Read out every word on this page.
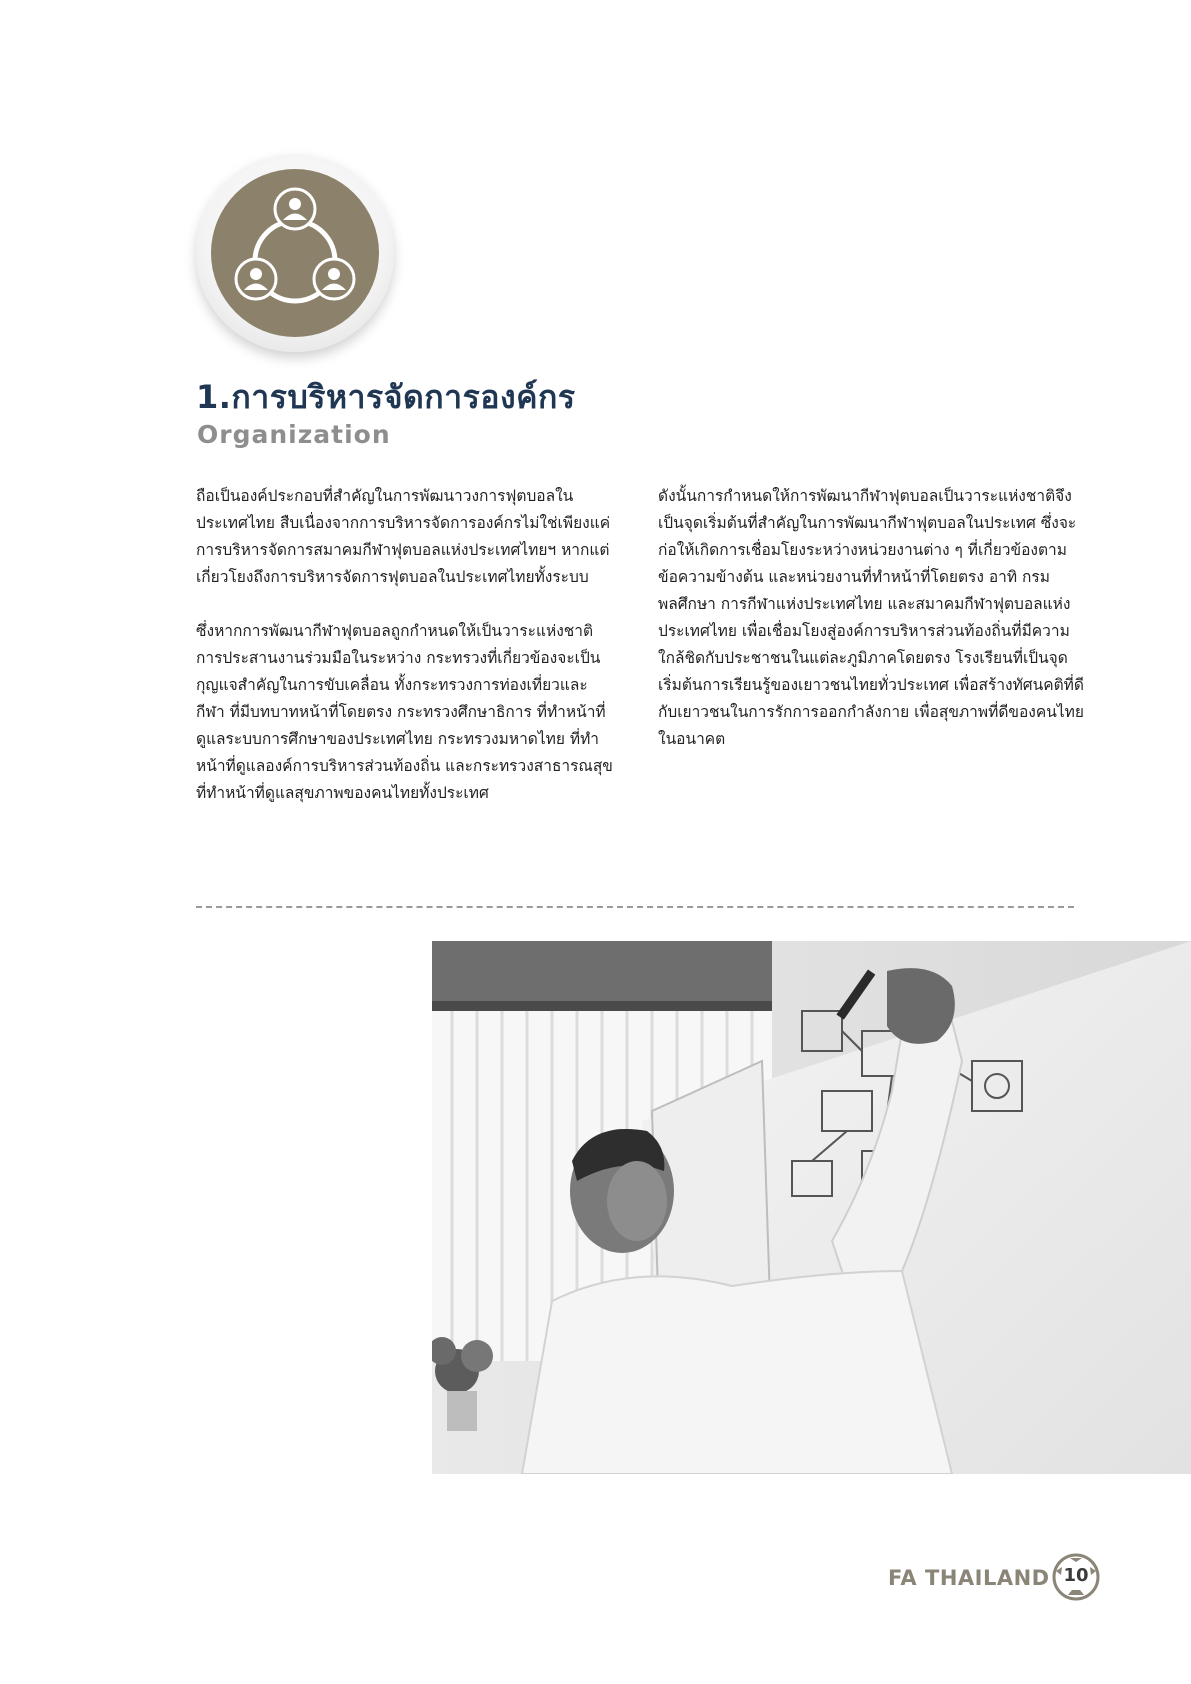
1.การบริหารจัดการองค์กร
Organization

ถือเป็นองค์ประกอบที่สำคัญในการพัฒนาวงการฟุตบอลในประเทศไทย สืบเนื่องจากการบริหารจัดการองค์กรไม่ใช่เพียงแค่การบริหารจัดการสมาคมกีฬาฟุตบอลแห่งประเทศไทยฯ หากแต่เกี่ยวโยงถึงการบริหารจัดการฟุตบอลในประเทศไทยทั้งระบบ

ซึ่งหากการพัฒนากีฬาฟุตบอลถูกกำหนดให้เป็นวาระแห่งชาติ การประสานงานร่วมมือในระหว่าง กระทรวงที่เกี่ยวข้องจะเป็นกุญแจสำคัญในการขับเคลื่อน ทั้งกระทรวงการท่องเที่ยวและกีฬา ที่มีบทบาทหน้าที่โดยตรง กระทรวงศึกษาธิการ ที่ทำหน้าที่ดูแลระบบการศึกษาของประเทศไทย กระทรวงมหาดไทย ที่ทำหน้าที่ดูแลองค์การบริหารส่วนท้องถิ่น และกระทรวงสาธารณสุข ที่ทำหน้าที่ดูแลสุขภาพของคนไทยทั้งประเทศ

ดังนั้นการกำหนดให้การพัฒนากีฬาฟุตบอลเป็นวาระแห่งชาติจึงเป็นจุดเริ่มต้นที่สำคัญในการพัฒนากีฬาฟุตบอลในประเทศ ซึ่งจะก่อให้เกิดการเชื่อมโยงระหว่างหน่วยงานต่าง ๆ ที่เกี่ยวข้องตามข้อความข้างต้น และหน่วยงานที่ทำหน้าที่โดยตรง อาทิ กรมพลศึกษา การกีฬาแห่งประเทศไทย และสมาคมกีฬาฟุตบอลแห่งประเทศไทย เพื่อเชื่อมโยงสู่องค์การบริหารส่วนท้องถิ่นที่มีความใกล้ชิดกับประชาชนในแต่ละภูมิภาคโดยตรง โรงเรียนที่เป็นจุดเริ่มต้นการเรียนรู้ของเยาวชนไทยทั่วประเทศ เพื่อสร้างทัศนคติที่ดีกับเยาวชนในการรักการออกกำลังกาย เพื่อสุขภาพที่ดีของคนไทยในอนาคต

FA THAILAND 10
